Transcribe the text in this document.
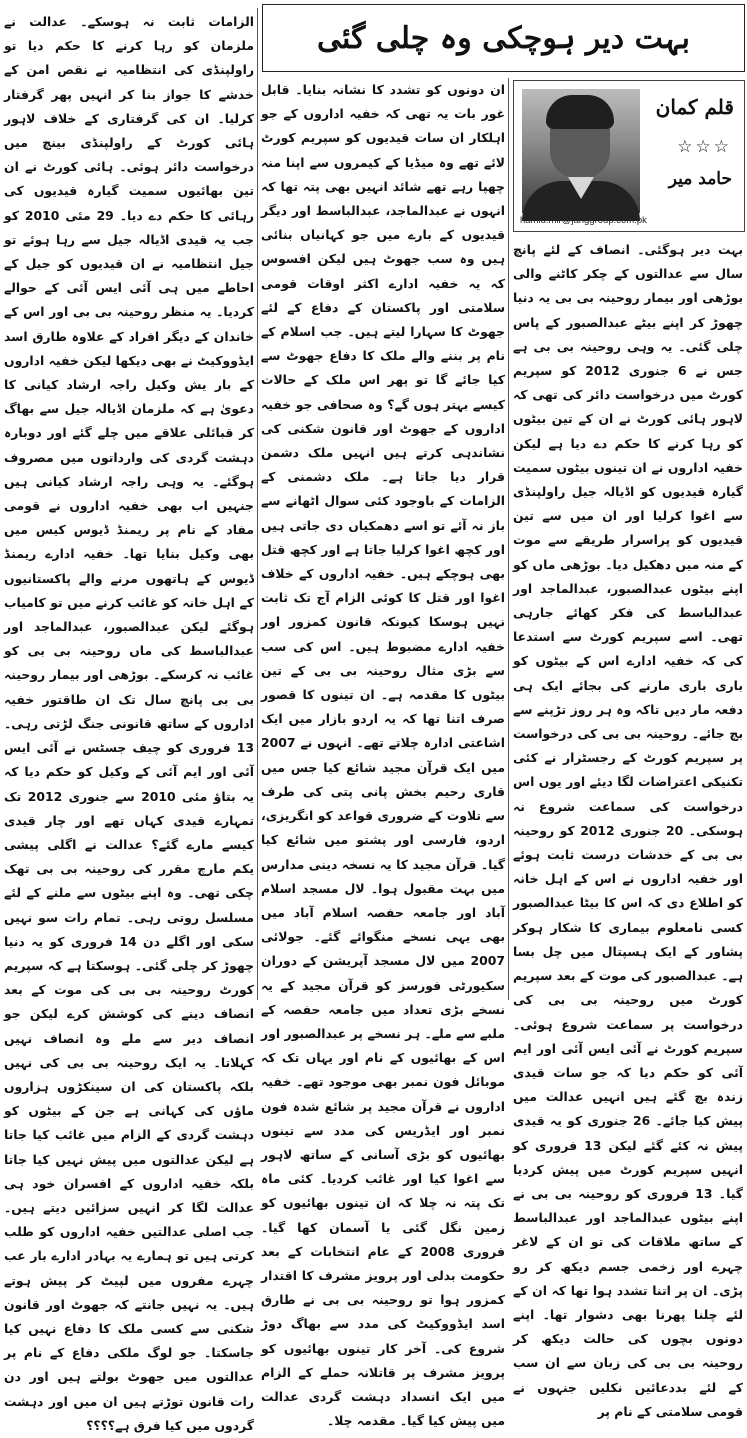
بہت دیر ہوچکی وہ چلی گئی
قلم کمان
☆☆☆
حامد میر
hamid.mir@janggroup.com.pk

بہت دیر ہوگئی۔ انصاف کے لئے پانچ سال سے عدالتوں کے چکر کاٹنے والی بوڑھی اور بیمار روحینہ بی بی یہ دنیا چھوڑ کر اپنے بیٹے عبدالصبور کے پاس چلی گئی۔ یہ وہی روحینہ بی بی ہے جس نے 6 جنوری 2012 کو سپریم کورٹ میں درخواست دائر کی تھی کہ لاہور ہائی کورٹ نے ان کے تین بیٹوں کو رہا کرنے کا حکم دے دیا ہے لیکن خفیہ اداروں نے ان تینوں بیٹوں سمیت گیارہ قیدیوں کو اڈیالہ جیل راولپنڈی سے اغوا کرلیا اور ان میں سے تین قیدیوں کو پراسرار طریقے سے موت کے منہ میں دھکیل دیا۔ بوڑھی ماں کو اپنے بیٹوں عبدالصبور، عبدالماجد اور عبدالباسط کی فکر کھائے جارہی تھی۔ اسے سپریم کورٹ سے استدعا کی کہ خفیہ ادارے اس کے بیٹوں کو باری باری مارنے کی بجائے ایک ہی دفعہ مار دیں تاکہ وہ ہر روز تڑپنے سے بچ جائے۔ روحینہ بی بی کی درخواست پر سپریم کورٹ کے رجسٹرار نے کئی تکنیکی اعتراضات لگا دیئے اور یوں اس درخواست کی سماعت شروع نہ ہوسکی۔ 20 جنوری 2012 کو روحینہ بی بی کے خدشات درست ثابت ہوئے اور خفیہ اداروں نے اس کے اہل خانہ کو اطلاع دی کہ اس کا بیٹا عبدالصبور کسی نامعلوم بیماری کا شکار ہوکر پشاور کے ایک ہسپتال میں چل بسا ہے۔ عبدالصبور کی موت کے بعد سپریم کورٹ میں روحینہ بی بی کی درخواست پر سماعت شروع ہوئی۔ سپریم کورٹ نے آئی ایس آئی اور ایم آئی کو حکم دیا کہ جو سات قیدی زندہ بچ گئے ہیں انہیں عدالت میں پیش کیا جائے۔ 26 جنوری کو یہ قیدی پیش نہ کئے گئے لیکن 13 فروری کو انہیں سپریم کورٹ میں پیش کردیا گیا۔ 13 فروری کو روحینہ بی بی نے اپنے بیٹوں عبدالماجد اور عبدالباسط کے ساتھ ملاقات کی تو ان کے لاغر چہرے اور زخمی جسم دیکھ کر رو پڑی۔ ان پر اتنا تشدد ہوا تھا کہ ان کے لئے چلنا پھرنا بھی دشوار تھا۔ اپنے دونوں بچوں کی حالت دیکھ کر روحینہ بی بی کی زبان سے ان سب کے لئے بددعائیں نکلیں جنہوں نے قومی سلامتی کے نام پر

ان دونوں کو تشدد کا نشانہ بنایا۔ قابل غور بات یہ تھی کہ خفیہ اداروں کے جو اہلکار ان سات قیدیوں کو سپریم کورٹ لائے تھے وہ میڈیا کے کیمروں سے اپنا منہ چھپا رہے تھے شائد انہیں بھی پتہ تھا کہ انہوں نے عبدالماجد، عبدالباسط اور دیگر قیدیوں کے بارے میں جو کہانیاں بنائی ہیں وہ سب جھوٹ ہیں لیکن افسوس کہ یہ خفیہ ادارے اکثر اوقات قومی سلامتی اور پاکستان کے دفاع کے لئے جھوٹ کا سہارا لیتے ہیں۔ جب اسلام کے نام پر بننے والے ملک کا دفاع جھوٹ سے کیا جائے گا تو پھر اس ملک کے حالات کیسے بہتر ہوں گے؟ وہ صحافی جو خفیہ اداروں کے جھوٹ اور قانون شکنی کی نشاندہی کرتے ہیں انہیں ملک دشمن قرار دیا جاتا ہے۔ ملک دشمنی کے الزامات کے باوجود کئی سوال اٹھانے سے باز نہ آئے تو اسے دھمکیاں دی جاتی ہیں اور کچھ اغوا کرلیا جاتا ہے اور کچھ قتل بھی ہوچکے ہیں۔ خفیہ اداروں کے خلاف اغوا اور قتل کا کوئی الزام آج تک ثابت نہیں ہوسکا کیونکہ قانون کمزور اور خفیہ ادارے مضبوط ہیں۔ اس کی سب سے بڑی مثال روحینہ بی بی کے تین بیٹوں کا مقدمہ ہے۔ ان تینوں کا قصور صرف اتنا تھا کہ یہ اردو بازار میں ایک اشاعتی ادارہ چلاتے تھے۔ انہوں نے 2007 میں ایک قرآن مجید شائع کیا جس میں قاری رحیم بخش پانی پتی کی طرف سے تلاوت کے ضروری قواعد کو انگریزی، اردو، فارسی اور پشتو میں شائع کیا گیا۔ قرآن مجید کا یہ نسخہ دینی مدارس میں بہت مقبول ہوا۔ لال مسجد اسلام آباد اور جامعہ حفصہ اسلام آباد میں بھی یہی نسخے منگوائے گئے۔ جولائی 2007 میں لال مسجد آپریشن کے دوران سکیورٹی فورسز کو قرآن مجید کے یہ نسخے بڑی تعداد میں جامعہ حفصہ کے ملبے سے ملے۔ ہر نسخے پر عبدالصبور اور اس کے بھائیوں کے نام اور یہاں تک کہ موبائل فون نمبر بھی موجود تھے۔ خفیہ اداروں نے قرآن مجید پر شائع شدہ فون نمبر اور ایڈریس کی مدد سے تینوں بھائیوں کو بڑی آسانی کے ساتھ لاہور سے اغوا کیا اور غائب کردیا۔ کئی ماہ تک پتہ نہ چلا کہ ان تینوں بھائیوں کو زمین نگل گئی یا آسمان کھا گیا۔ فروری 2008 کے عام انتخابات کے بعد حکومت بدلی اور پرویز مشرف کا اقتدار کمزور ہوا تو روحینہ بی بی نے طارق اسد ایڈووکیٹ کی مدد سے بھاگ دوڑ شروع کی۔ آخر کار تینوں بھائیوں کو پرویز مشرف پر قاتلانہ حملے کے الزام میں ایک انسداد دہشت گردی عدالت میں پیش کیا گیا۔ مقدمہ چلا۔

الزامات ثابت نہ ہوسکے۔ عدالت نے ملزمان کو رہا کرنے کا حکم دیا تو راولپنڈی کی انتظامیہ نے نقص امن کے خدشے کا جواز بنا کر انہیں پھر گرفتار کرلیا۔ ان کی گرفتاری کے خلاف لاہور ہائی کورٹ کے راولپنڈی بینچ میں درخواست دائر ہوئی۔ ہائی کورٹ نے ان تین بھائیوں سمیت گیارہ قیدیوں کی رہائی کا حکم دے دیا۔ 29 مئی 2010 کو جب یہ قیدی اڈیالہ جیل سے رہا ہوئے تو جیل انتظامیہ نے ان قیدیوں کو جیل کے احاطے میں ہی آئی ایس آئی کے حوالے کردیا۔ یہ منظر روحینہ بی بی اور اس کے خاندان کے دیگر افراد کے علاوہ طارق اسد ایڈووکیٹ نے بھی دیکھا لیکن خفیہ اداروں کے بار یش وکیل راجہ ارشاد کیانی کا دعویٰ ہے کہ ملزمان اڈیالہ جیل سے بھاگ کر قبائلی علاقے میں چلے گئے اور دوبارہ دہشت گردی کی وارداتوں میں مصروف ہوگئے۔ یہ وہی راجہ ارشاد کیانی ہیں جنہیں اب بھی خفیہ اداروں نے قومی مفاد کے نام پر ریمنڈ ڈیوس کیس میں بھی وکیل بنایا تھا۔ خفیہ ادارے ریمنڈ ڈیوس کے ہاتھوں مرنے والے پاکستانیوں کے اہل خانہ کو غائب کرنے میں تو کامیاب ہوگئے لیکن عبدالصبور، عبدالماجد اور عبدالباسط کی ماں روحینہ بی بی کو غائب نہ کرسکے۔ بوڑھی اور بیمار روحینہ بی بی پانچ سال تک ان طاقتور خفیہ اداروں کے ساتھ قانونی جنگ لڑتی رہی۔ 13 فروری کو چیف جسٹس نے آئی ایس آئی اور ایم آئی کے وکیل کو حکم دیا کہ یہ بتاؤ مئی 2010 سے جنوری 2012 تک تمہارے قیدی کہاں تھے اور چار قیدی کیسے مارے گئے؟ عدالت نے اگلی پیشی یکم مارچ مقرر کی روحینہ بی بی تھک چکی تھی۔ وہ اپنے بیٹوں سے ملنے کے لئے مسلسل روتی رہی۔ تمام رات سو نہیں سکی اور اگلے دن 14 فروری کو یہ دنیا چھوڑ کر چلی گئی۔ ہوسکتا ہے کہ سپریم کورٹ روحینہ بی بی کی موت کے بعد انصاف دینے کی کوشش کرے لیکن جو انصاف دیر سے ملے وہ انصاف نہیں کہلاتا۔ یہ ایک روحینہ بی بی کی نہیں بلکہ پاکستان کی ان سینکڑوں ہزاروں ماؤں کی کہانی ہے جن کے بیٹوں کو دہشت گردی کے الزام میں غائب کیا جاتا ہے لیکن عدالتوں میں پیش نہیں کیا جاتا بلکہ خفیہ اداروں کے افسران خود ہی عدالت لگا کر انہیں سزائیں دیتے ہیں۔ جب اصلی عدالتیں خفیہ اداروں کو طلب کرتی ہیں تو ہمارے یہ بہادر ادارے بار عب چہرے مفروں میں لپیٹ کر پیش ہوتے ہیں۔ یہ نہیں جانتے کہ جھوٹ اور قانون شکنی سے کسی ملک کا دفاع نہیں کیا جاسکتا۔ جو لوگ ملکی دفاع کے نام پر عدالتوں میں جھوٹ بولتے ہیں اور دن رات قانون توڑتے ہیں ان میں اور دہشت گردوں میں کیا فرق ہے؟؟؟؟
